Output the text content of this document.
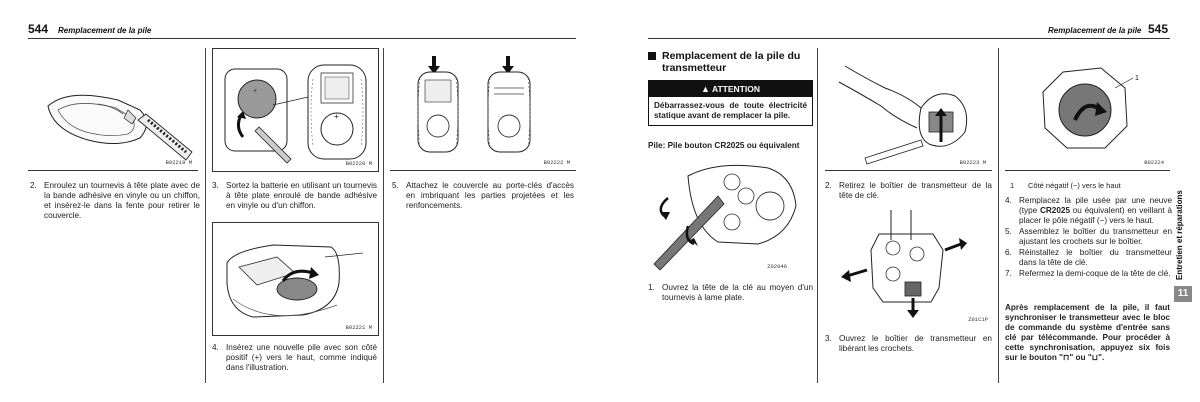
544 Remplacement de la pile
B02219 M
+
+
B02220 M	B02222 M
2. Enroulez un tournevis à tête plate avec de la bande adhésive en vinyle ou un chiffon, et insérez-le dans la fente pour retirer le couvercle.
3. Sortez la batterie en utilisant un tournevis à tête plate enroulé de bande adhésive en vinyle ou d'un chiffon.
B02221 M
4. Insérez une nouvelle pile avec son côté positif (+) vers le haut, comme indiqué dans l'illustration.
5. Attachez le couvercle au porte-clés d'accès en imbriquant les parties projetées et les renfoncements.
Remplacement de la pile 545
Remplacement de la pile du transmetteur
▲ ATTENTION
Débarrassez-vous de toute électricité statique avant de remplacer la pile.
Pile: Pile bouton CR2025 ou équivalent
Z02046
1. Ouvrez la tête de la clé au moyen d'un tournevis à lame plate.
B02223 M
2. Retirez le boîtier de transmetteur de la tête de clé.
Z01C1P
3. Ouvrez le boîtier de transmetteur en libérant les crochets.
1
B02224
1	Côté négatif (−) vers le haut
4. Remplacez la pile usée par une neuve (type CR2025 ou équivalent) en veillant à placer le pôle négatif (−) vers le haut.
5. Assemblez le boîtier du transmetteur en ajustant les crochets sur le boîtier.
6. Réinstallez le boîtier du transmetteur dans la tête de clé.
7. Refermez la demi-coque de la tête de clé.
Après remplacement de la pile, il faut synchroniser le transmetteur avec le bloc de commande du système d'entrée sans clé par télécommande. Pour procéder à cette synchronisation, appuyez six fois sur le bouton "⊓" ou "⊔".
Entretien et réparations
11
